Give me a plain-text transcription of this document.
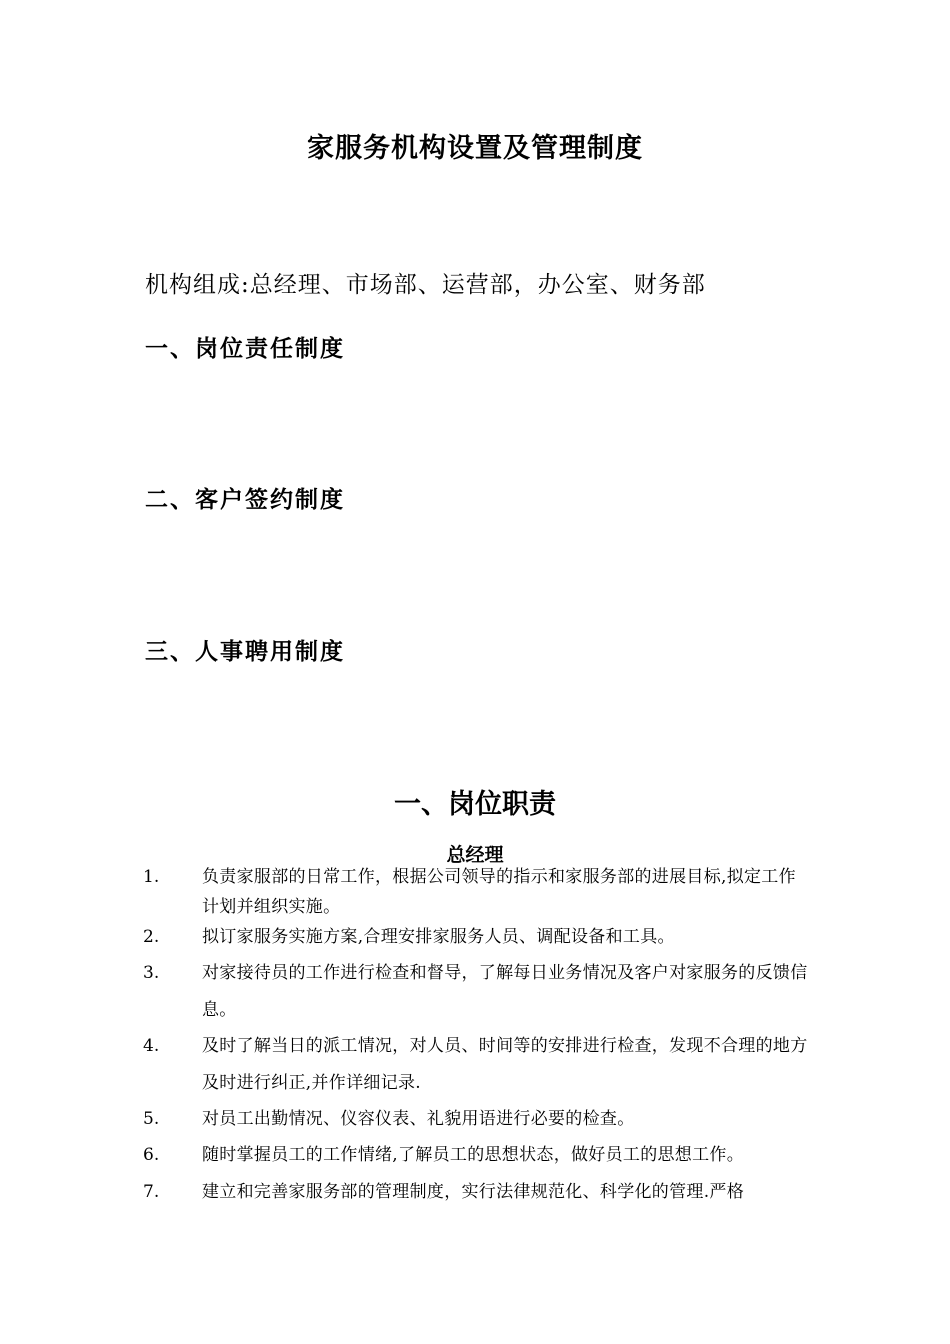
家服务机构设置及管理制度

机构组成:总经理、市场部、运营部，办公室、财务部

一、岗位责任制度
二、客户签约制度
三、人事聘用制度
一、岗位职责
总经理
1.	负责家服部的日常工作，根据公司领导的指示和家服务部的进展目标,拟定工作计划并组织实施。
2.	拟订家服务实施方案,合理安排家服务人员、调配设备和工具。
3.	对家接待员的工作进行检查和督导，了解每日业务情况及客户对家服务的反馈信息。
4.	及时了解当日的派工情况，对人员、时间等的安排进行检查，发现不合理的地方及时进行纠正,并作详细记录.
5.	对员工出勤情况、仪容仪表、礼貌用语进行必要的检查。
6.	随时掌握员工的工作情绪,了解员工的思想状态，做好员工的思想工作。
7.	建立和完善家服务部的管理制度，实行法律规范化、科学化的管理.严格
